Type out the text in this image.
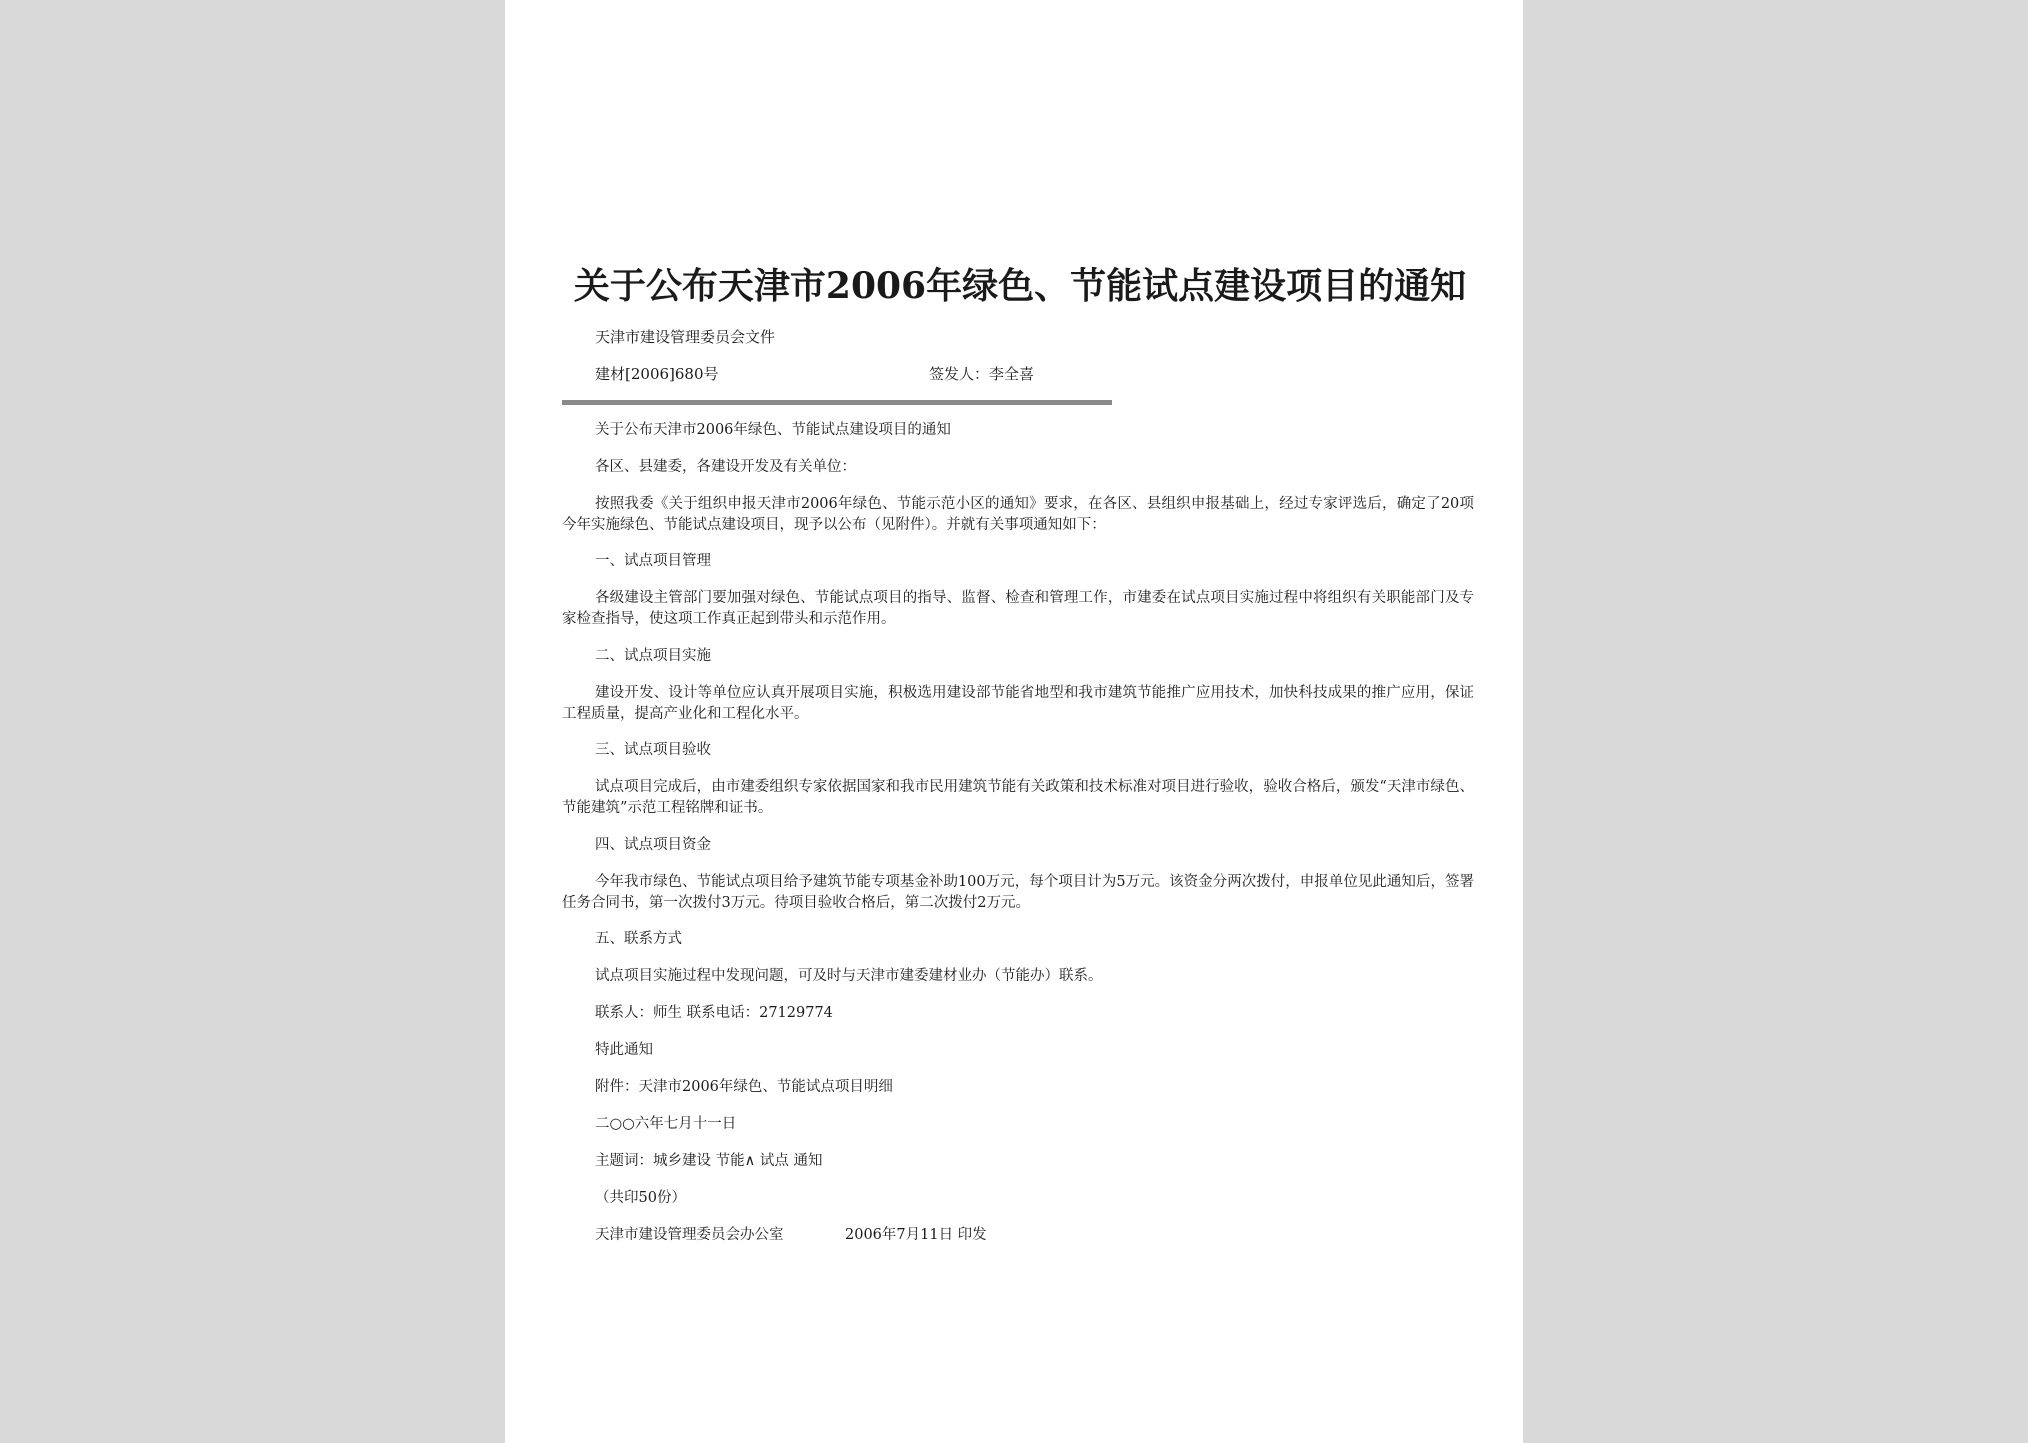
关于公布天津市2006年绿色、节能试点建设项目的通知
天津市建设管理委员会文件
建材[2006]680号	签发人：李全喜
关于公布天津市2006年绿色、节能试点建设项目的通知
各区、县建委，各建设开发及有关单位：
按照我委《关于组织申报天津市2006年绿色、节能示范小区的通知》要求，在各区、县组织申报基础上，经过专家评选后，确定了20项今年实施绿色、节能试点建设项目，现予以公布（见附件）。并就有关事项通知如下：
一、试点项目管理
各级建设主管部门要加强对绿色、节能试点项目的指导、监督、检查和管理工作，市建委在试点项目实施过程中将组织有关职能部门及专家检查指导，使这项工作真正起到带头和示范作用。
二、试点项目实施
建设开发、设计等单位应认真开展项目实施，积极选用建设部节能省地型和我市建筑节能推广应用技术，加快科技成果的推广应用，保证工程质量，提高产业化和工程化水平。
三、试点项目验收
试点项目完成后，由市建委组织专家依据国家和我市民用建筑节能有关政策和技术标准对项目进行验收，验收合格后，颁发“天津市绿色、节能建筑”示范工程铭牌和证书。
四、试点项目资金
今年我市绿色、节能试点项目给予建筑节能专项基金补助100万元，每个项目计为5万元。该资金分两次拨付，申报单位见此通知后，签署任务合同书，第一次拨付3万元。待项目验收合格后，第二次拨付2万元。
五、联系方式
试点项目实施过程中发现问题，可及时与天津市建委建材业办（节能办）联系。
联系人：师生 联系电话：27129774
特此通知
附件：天津市2006年绿色、节能试点项目明细
二○○六年七月十一日
主题词：城乡建设 节能∧ 试点 通知
（共印50份）
天津市建设管理委员会办公室	2006年7月11日 印发
